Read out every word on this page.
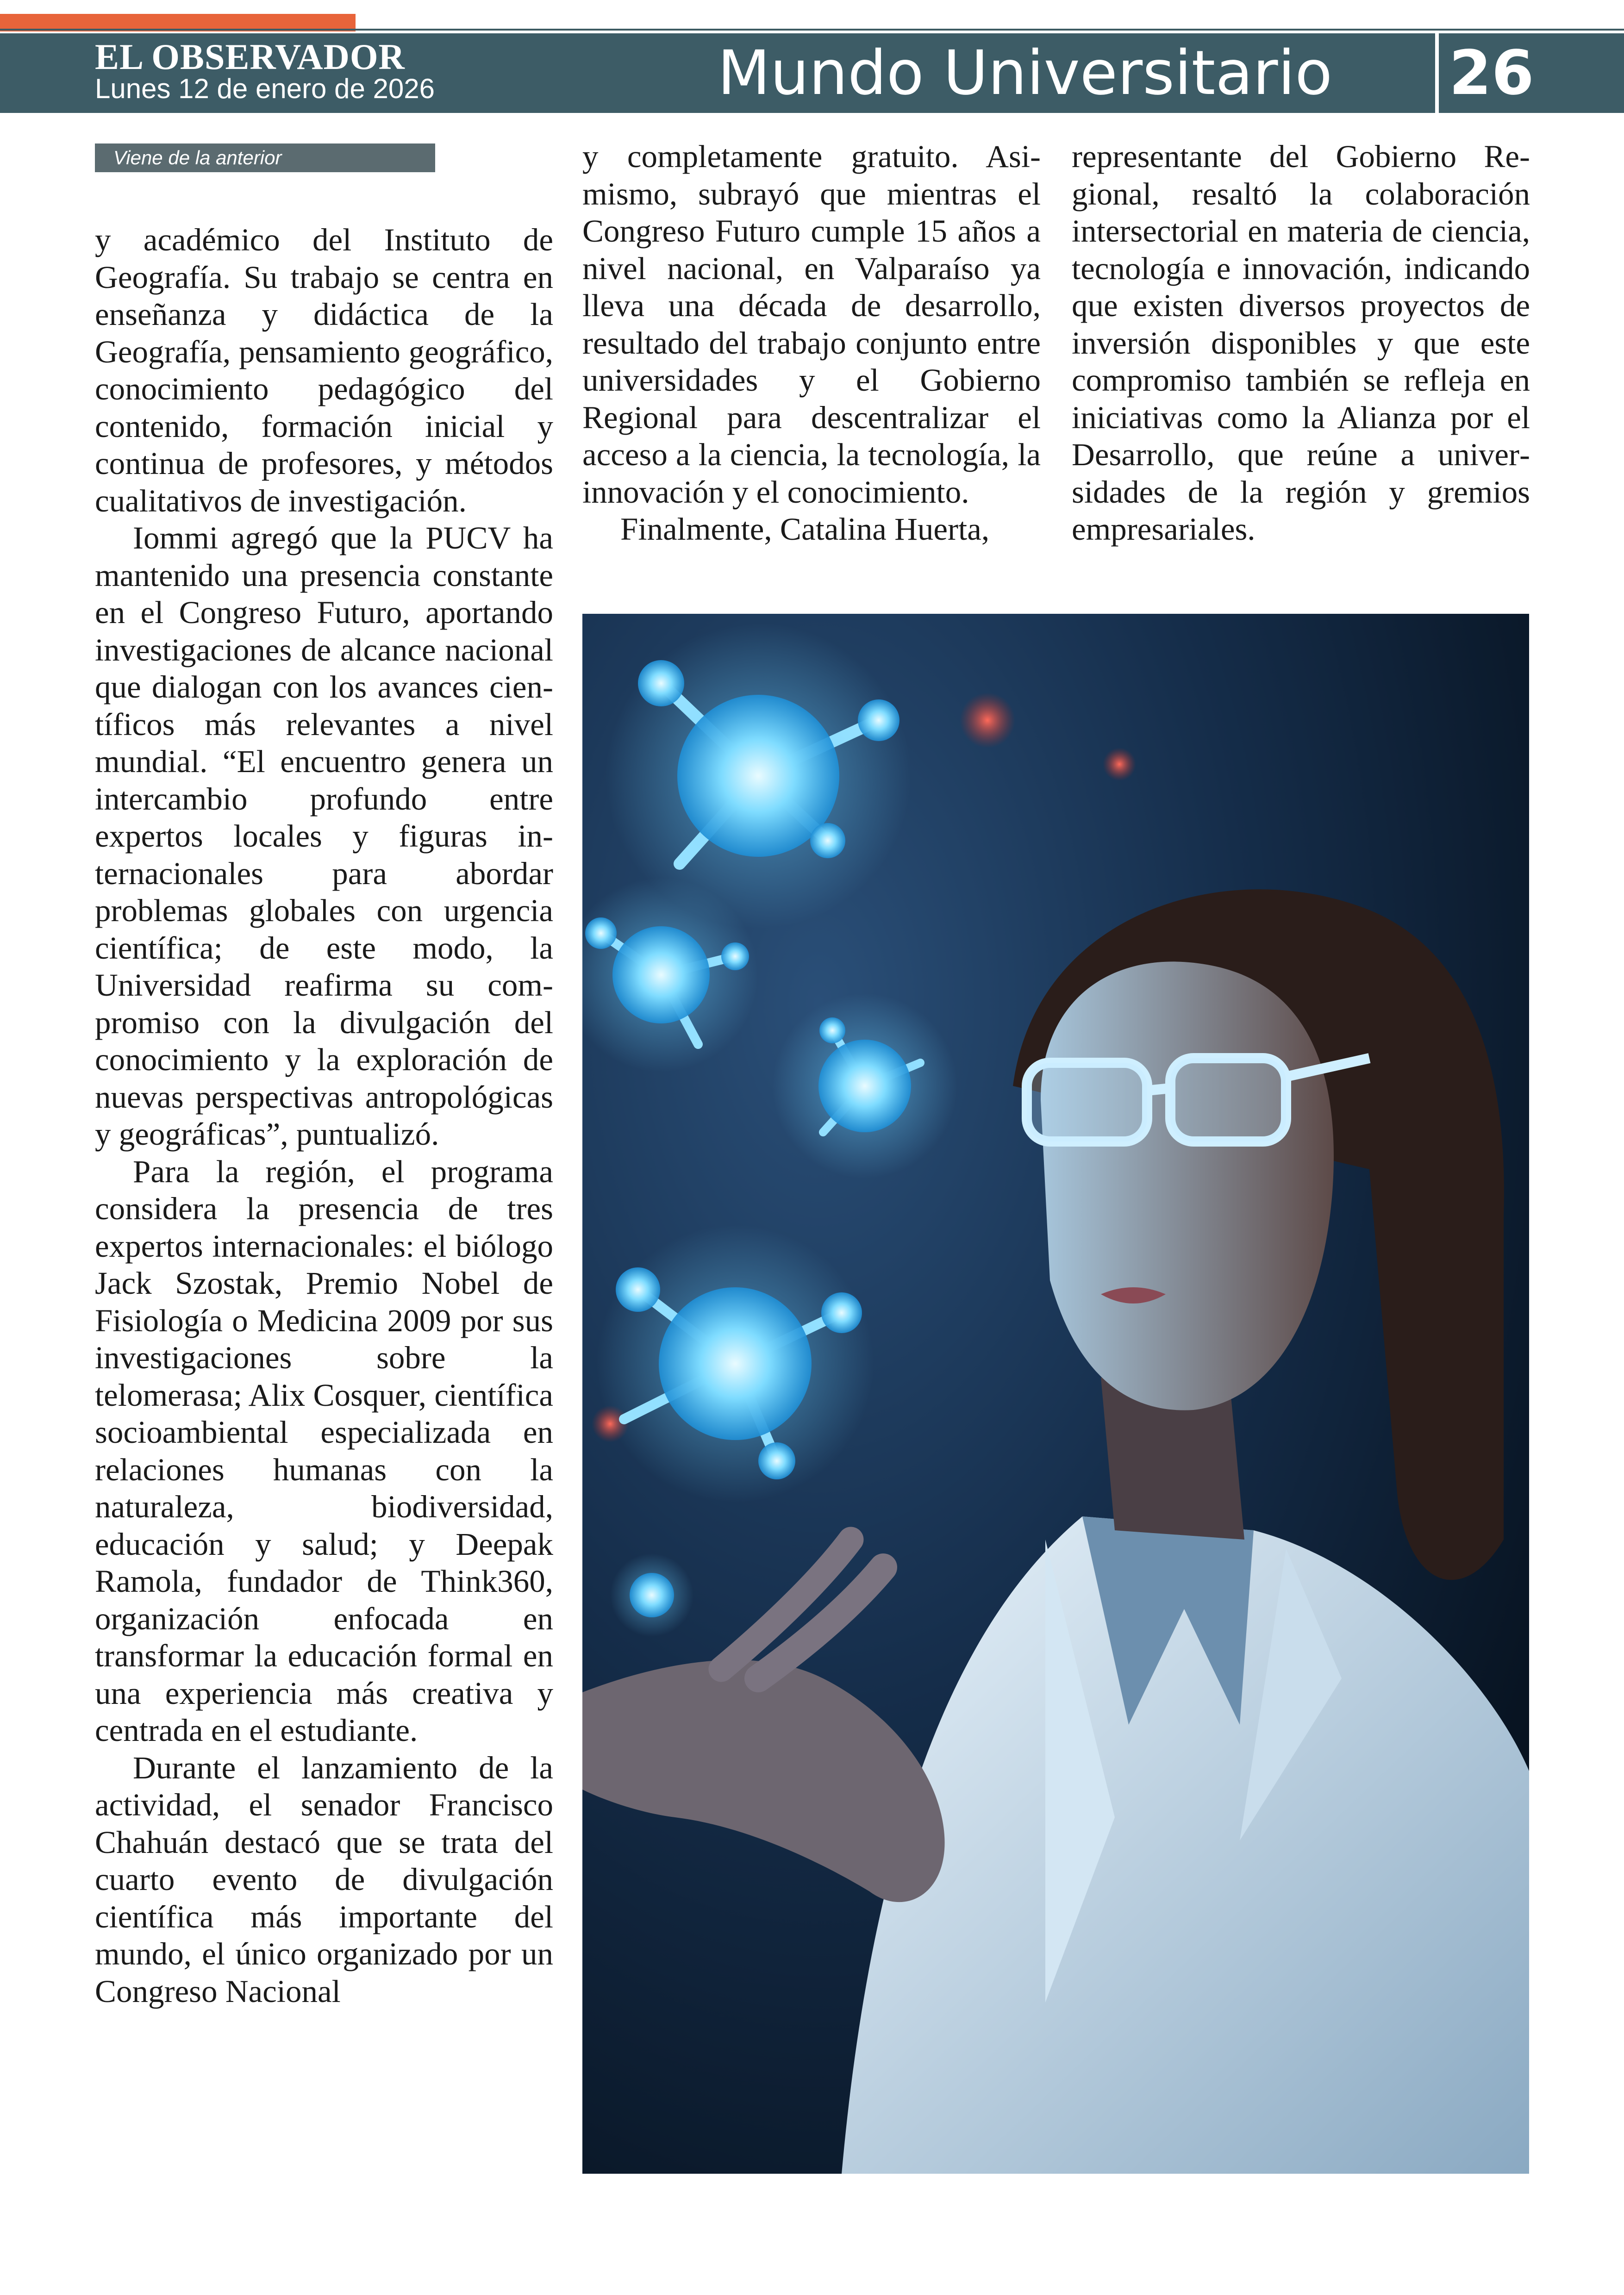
EL OBSERVADOR
Lunes 12 de enero de 2026	Mundo Universitario 26
Viene de la anterior

y académico del Instituto de Geografía. Su trabajo se centra en enseñanza y didáctica de la Geografía, pensamiento geográfico, conocimiento pedagógico del contenido, formación inicial y continua de profesores, y métodos cualitativos de investigación.

Iommi agregó que la PUCV ha mantenido una presencia constante en el Congreso Futuro, aportando investigaciones de alcance nacional que dialogan con los avances científicos más relevantes a nivel mundial. “El encuentro genera un intercambio profundo entre expertos locales y figuras internacionales para abordar problemas globales con urgencia científica; de este modo, la Universidad reafirma su compromiso con la divulgación del conocimiento y la exploración de nuevas perspectivas antropológicas y geográficas”, puntualizó.

Para la región, el programa considera la presencia de tres expertos internacionales: el biólogo Jack Szostak, Premio Nobel de Fisiología o Medicina 2009 por sus investigaciones sobre la telomerasa; Alix Cosquer, científica socioambiental especializada en relaciones humanas con la naturaleza, biodiversidad, educación y salud; y Deepak Ramola, fundador de Think360, organización enfocada en transformar la educación formal en una experiencia más creativa y centrada en el estudiante.

Durante el lanzamiento de la actividad, el senador Francisco Chahuán destacó que se trata del cuarto evento de divulgación científica más importante del mundo, el único organizado por un Congreso Nacional

y completamente gratuito. Asimismo, subrayó que mientras el Congreso Futuro cumple 15 años a nivel nacional, en Valparaíso ya lleva una década de desarrollo, resultado del trabajo conjunto entre universidades y el Gobierno Regional para descentralizar el acceso a la ciencia, la tecnología, la innovación y el conocimiento.

Finalmente, Catalina Huerta,

representante del Gobierno Regional, resaltó la colaboración intersectorial en materia de ciencia, tecnología e innovación, indicando que existen diversos proyectos de inversión disponibles y que este compromiso también se refleja en iniciativas como la Alianza por el Desarrollo, que reúne a universidades de la región y gremios empresariales.
